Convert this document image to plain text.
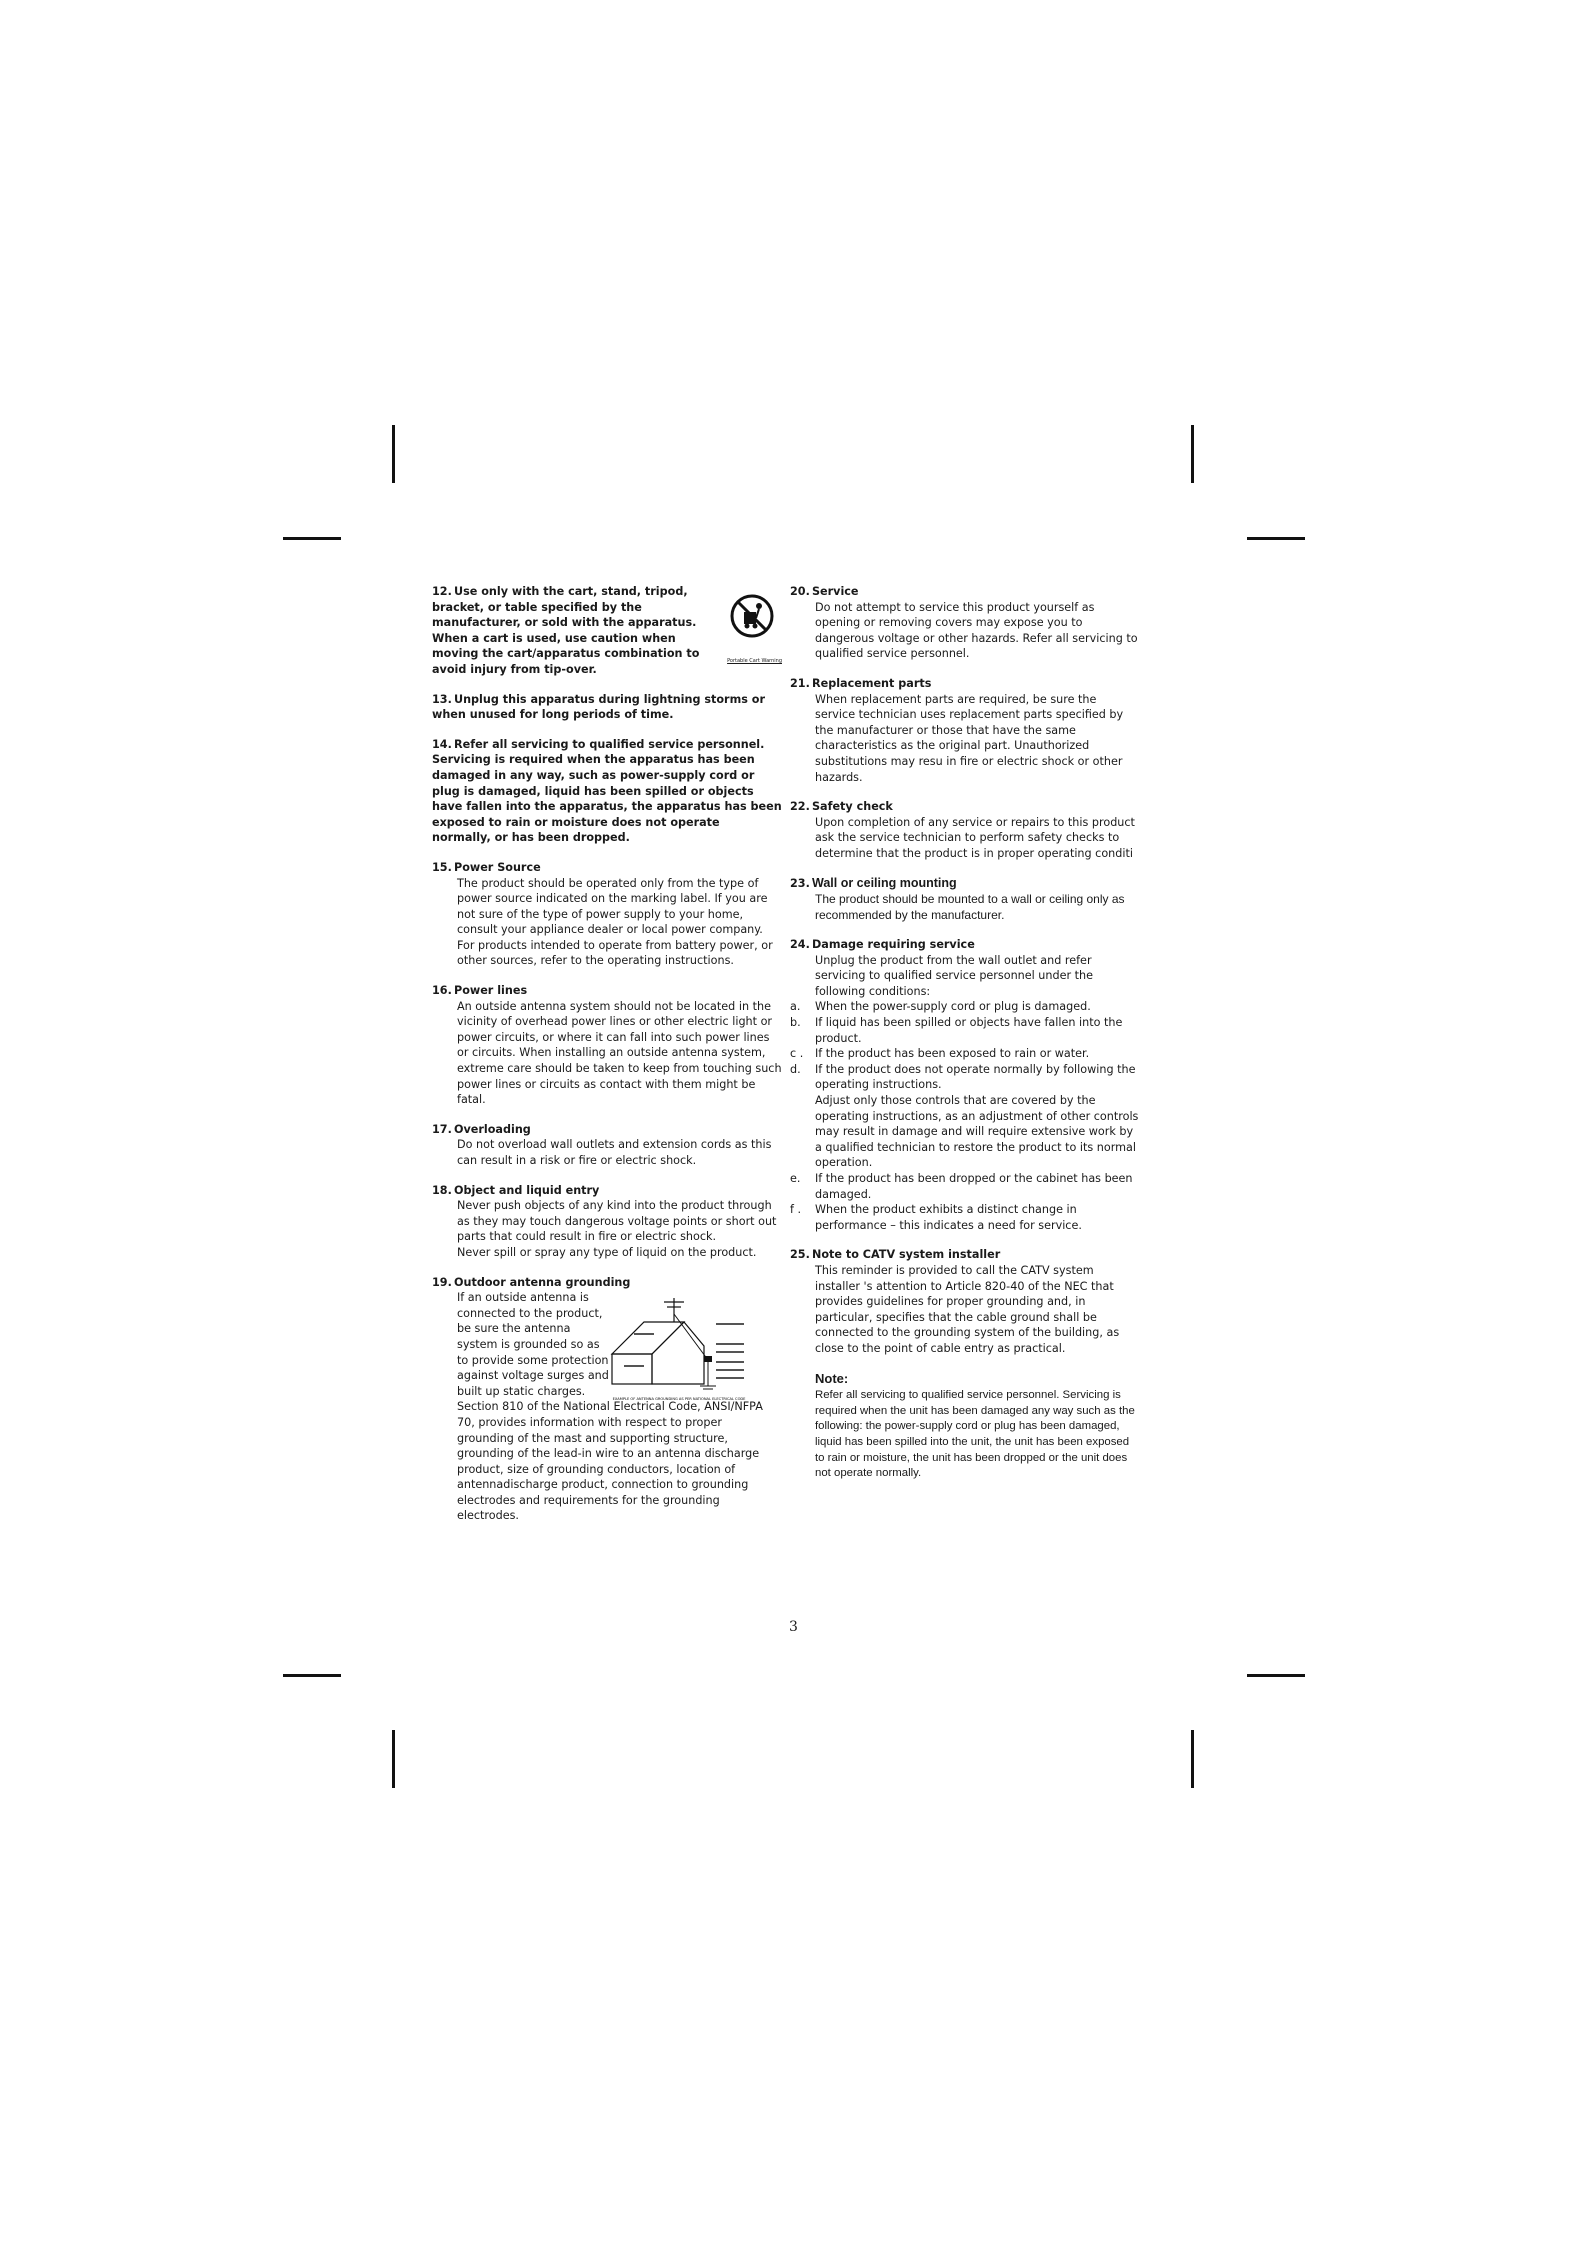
12. Use only with the cart, stand, tripod, bracket, or table specified by the manufacturer, or sold with the apparatus. When a cart is used, use caution when moving the cart/apparatus combination to avoid injury from tip-over.
Portable Cart Warning
13. Unplug this apparatus during lightning storms or when unused for long periods of time.
14. Refer all servicing to qualified service personnel. Servicing is required when the apparatus has been damaged in any way, such as power-supply cord or plug is damaged, liquid has been spilled or objects have fallen into the apparatus, the apparatus has been exposed to rain or moisture does not operate normally, or has been dropped.
15. Power Source
The product should be operated only from the type of power source indicated on the marking label. If you are not sure of the type of power supply to your home, consult your appliance dealer or local power company. For products intended to operate from battery power, or other sources, refer to the operating instructions.
16. Power lines
An outside antenna system should not be located in the vicinity of overhead power lines or other electric light or power circuits, or where it can fall into such power lines or circuits. When installing an outside antenna system, extreme care should be taken to keep from touching such power lines or circuits as contact with them might be fatal.
17. Overloading
Do not overload wall outlets and extension cords as this can result in a risk or fire or electric shock.
18. Object and liquid entry
Never push objects of any kind into the product through as they may touch dangerous voltage points or short out parts that could result in fire or electric shock.
Never spill or spray any type of liquid on the product.
19. Outdoor antenna grounding
If an outside antenna is connected to the product, be sure the antenna system is grounded so as to provide some protection against voltage surges and built up static charges.
EXAMPLE OF ANTENNA GROUNDING AS PER NATIONAL ELECTRICAL CODE
Section 810 of the National Electrical Code, ANSI/NFPA 70, provides information with respect to proper grounding of the mast and supporting structure, grounding of the lead-in wire to an antenna discharge product, size of grounding conductors, location of antennadischarge product, connection to grounding electrodes and requirements for the grounding electrodes.
20. Service
Do not attempt to service this product yourself as opening or removing covers may expose you to dangerous voltage or other hazards. Refer all servicing to qualified service personnel.
21. Replacement parts
When replacement parts are required, be sure the service technician uses replacement parts specified by the manufacturer or those that have the same characteristics as the original part. Unauthorized substitutions may resu in fire or electric shock or other hazards.
22. Safety check
Upon completion of any service or repairs to this product ask the service technician to perform safety checks to determine that the product is in proper operating conditi
23. Wall or ceiling mounting
The product should be mounted to a wall or ceiling only as recommended by the manufacturer.
24. Damage requiring service
Unplug the product from the wall outlet and refer servicing to qualified service personnel under the following conditions:
a. When the power-supply cord or plug is damaged.
b. If liquid has been spilled or objects have fallen into the product.
c . If the product has been exposed to rain or water.
d. If the product does not operate normally by following the operating instructions.
Adjust only those controls that are covered by the operating instructions, as an adjustment of other controls may result in damage and will require extensive work by a qualified technician to restore the product to its normal operation.
e. If the product has been dropped or the cabinet has been damaged.
f . When the product exhibits a distinct change in performance – this indicates a need for service.
25. Note to CATV system installer
This reminder is provided to call the CATV system installer 's attention to Article 820-40 of the NEC that provides guidelines for proper grounding and, in particular, specifies that the cable ground shall be connected to the grounding system of the building, as close to the point of cable entry as practical.
Note:
Refer all servicing to qualified service personnel. Servicing is required when the unit has been damaged any way such as the following: the power-supply cord or plug has been damaged, liquid has been spilled into the unit, the unit has been exposed to rain or moisture, the unit has been dropped or the unit does not operate normally.
3
